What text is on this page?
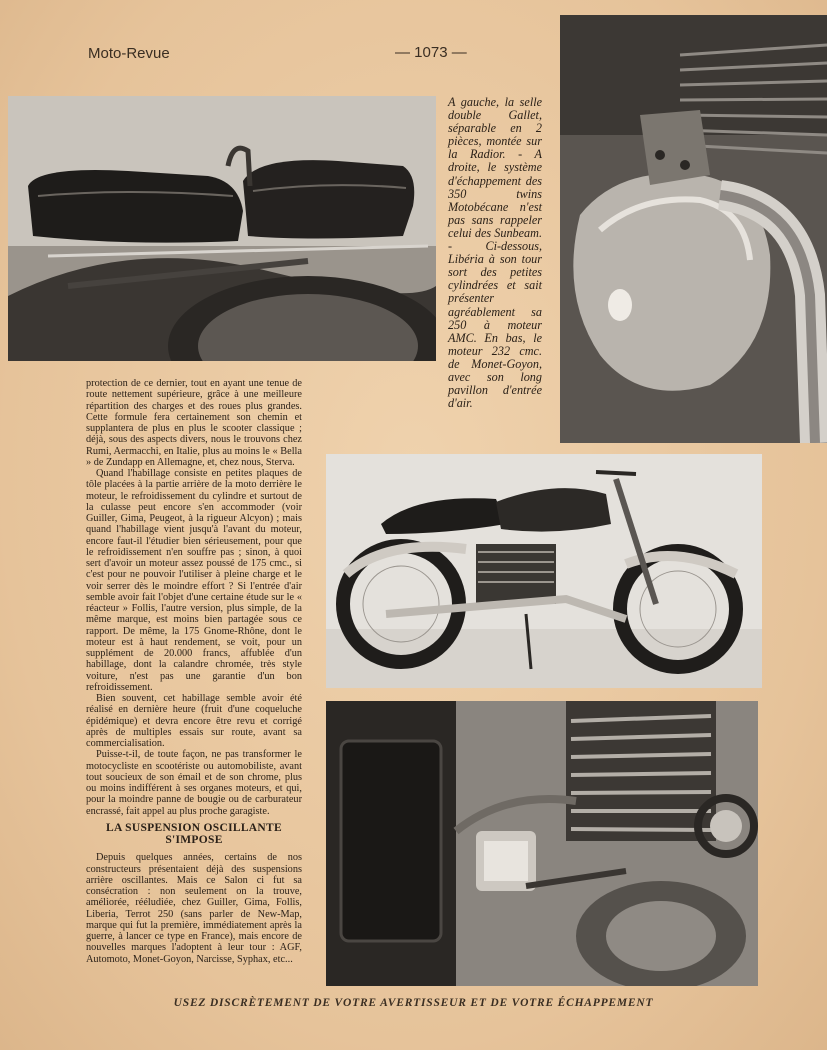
Moto-Revue	— 1073 —
A gauche, la selle double Gallet, séparable en 2 pièces, montée sur la Radior. - A droite, le système d'échappement des 350 twins Motobécane n'est pas sans rappeler celui des Sunbeam. - Ci-dessous, Libéria à son tour sort des petites cylindrées et sait présenter agréablement sa 250 à moteur AMC. En bas, le moteur 232 cmc. de Monet-Goyon, avec son long pavillon d'entrée d'air.

protection de ce dernier, tout en ayant une tenue de route nettement supérieure, grâce à une meilleure répartition des charges et des roues plus grandes. Cette formule fera certainement son chemin et supplantera de plus en plus le scooter classique ; déjà, sous des aspects divers, nous le trouvons chez Rumi, Aermacchi, en Italie, plus au moins le « Bella » de Zundapp en Allemagne, et, chez nous, Sterva.

Quand l'habillage consiste en petites plaques de tôle placées à la partie arrière de la moto derrière le moteur, le refroidissement du cylindre et surtout de la culasse peut encore s'en accommoder (voir Guiller, Gima, Peugeot, à la rigueur Alcyon) ; mais quand l'habillage vient jusqu'à l'avant du moteur, encore faut-il l'étudier bien sérieusement, pour que le refroidissement n'en souffre pas ; sinon, à quoi sert d'avoir un moteur assez poussé de 175 cmc., si c'est pour ne pouvoir l'utiliser à pleine charge et le voir serrer dès le moindre effort ? Si l'entrée d'air semble avoir fait l'objet d'une certaine étude sur le « réacteur » Follis, l'autre version, plus simple, de la même marque, est moins bien partagée sous ce rapport. De même, la 175 Gnome-Rhône, dont le moteur est à haut rendement, se voit, pour un supplément de 20.000 francs, affublée d'un habillage, dont la calandre chromée, très style voiture, n'est pas une garantie d'un bon refroidissement.

Bien souvent, cet habillage semble avoir été réalisé en dernière heure (fruit d'une coqueluche épidémique) et devra encore être revu et corrigé après de multiples essais sur route, avant sa commercialisation.

Puisse-t-il, de toute façon, ne pas transformer le motocycliste en scootériste ou automobiliste, avant tout soucieux de son émail et de son chrome, plus ou moins indifférent à ses organes moteurs, et qui, pour la moindre panne de bougie ou de carburateur encrassé, fait appel au plus proche garagiste.

LA SUSPENSION OSCILLANTE
S'IMPOSE

Depuis quelques années, certains de nos constructeurs présentaient déjà des suspensions arrière oscillantes. Mais ce Salon ci fut sa consécration : non seulement on la trouve, améliorée, rééludiée, chez Guiller, Gima, Follis, Liberia, Terrot 250 (sans parler de New-Map, marque qui fut la première, immédiatement après la guerre, à lancer ce type en France), mais encore de nouvelles marques l'adoptent à leur tour : AGF, Automoto, Monet-Goyon, Narcisse, Syphax, etc...

USEZ DISCRÈTEMENT DE VOTRE AVERTISSEUR ET DE VOTRE ÉCHAPPEMENT
